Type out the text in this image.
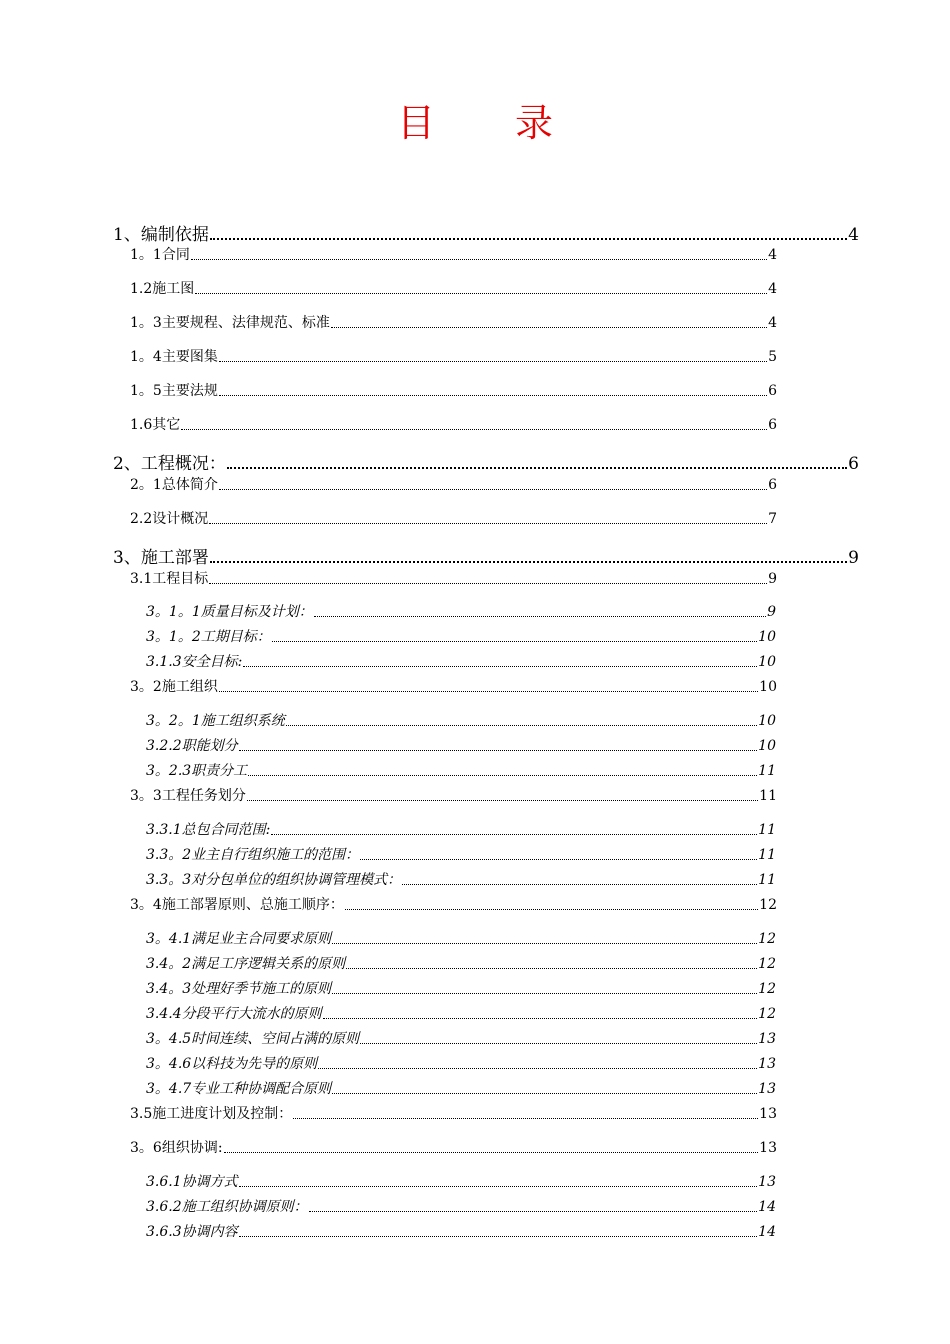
目 录
1、编制依据	4
1。1合同	4
1.2施工图	4
1。3主要规程、法律规范、标准	4
1。4主要图集	5
1。5主要法规	6
1.6其它	6
2、工程概况：	6
2。1总体简介	6
2.2设计概况	7
3、施工部署	9
3.1工程目标	9
3。1。1质量目标及计划：	9
3。1。2工期目标：	10
3.1.3安全目标:	10
3。2施工组织	10
3。2。1施工组织系统	10
3.2.2职能划分	10
3。2.3职责分工	11
3。3工程任务划分	11
3.3.1总包合同范围:	11
3.3。2业主自行组织施工的范围：	11
3.3。3对分包单位的组织协调管理模式：	11
3。4施工部署原则、总施工顺序：	12
3。4.1满足业主合同要求原则	12
3.4。2满足工序逻辑关系的原则	12
3.4。3处理好季节施工的原则	12
3.4.4分段平行大流水的原则	12
3。4.5时间连续、空间占满的原则	13
3。4.6以科技为先导的原则	13
3。4.7专业工种协调配合原则	13
3.5施工进度计划及控制：	13
3。6组织协调:	13
3.6.1协调方式	13
3.6.2施工组织协调原则：	14
3.6.3协调内容	14
